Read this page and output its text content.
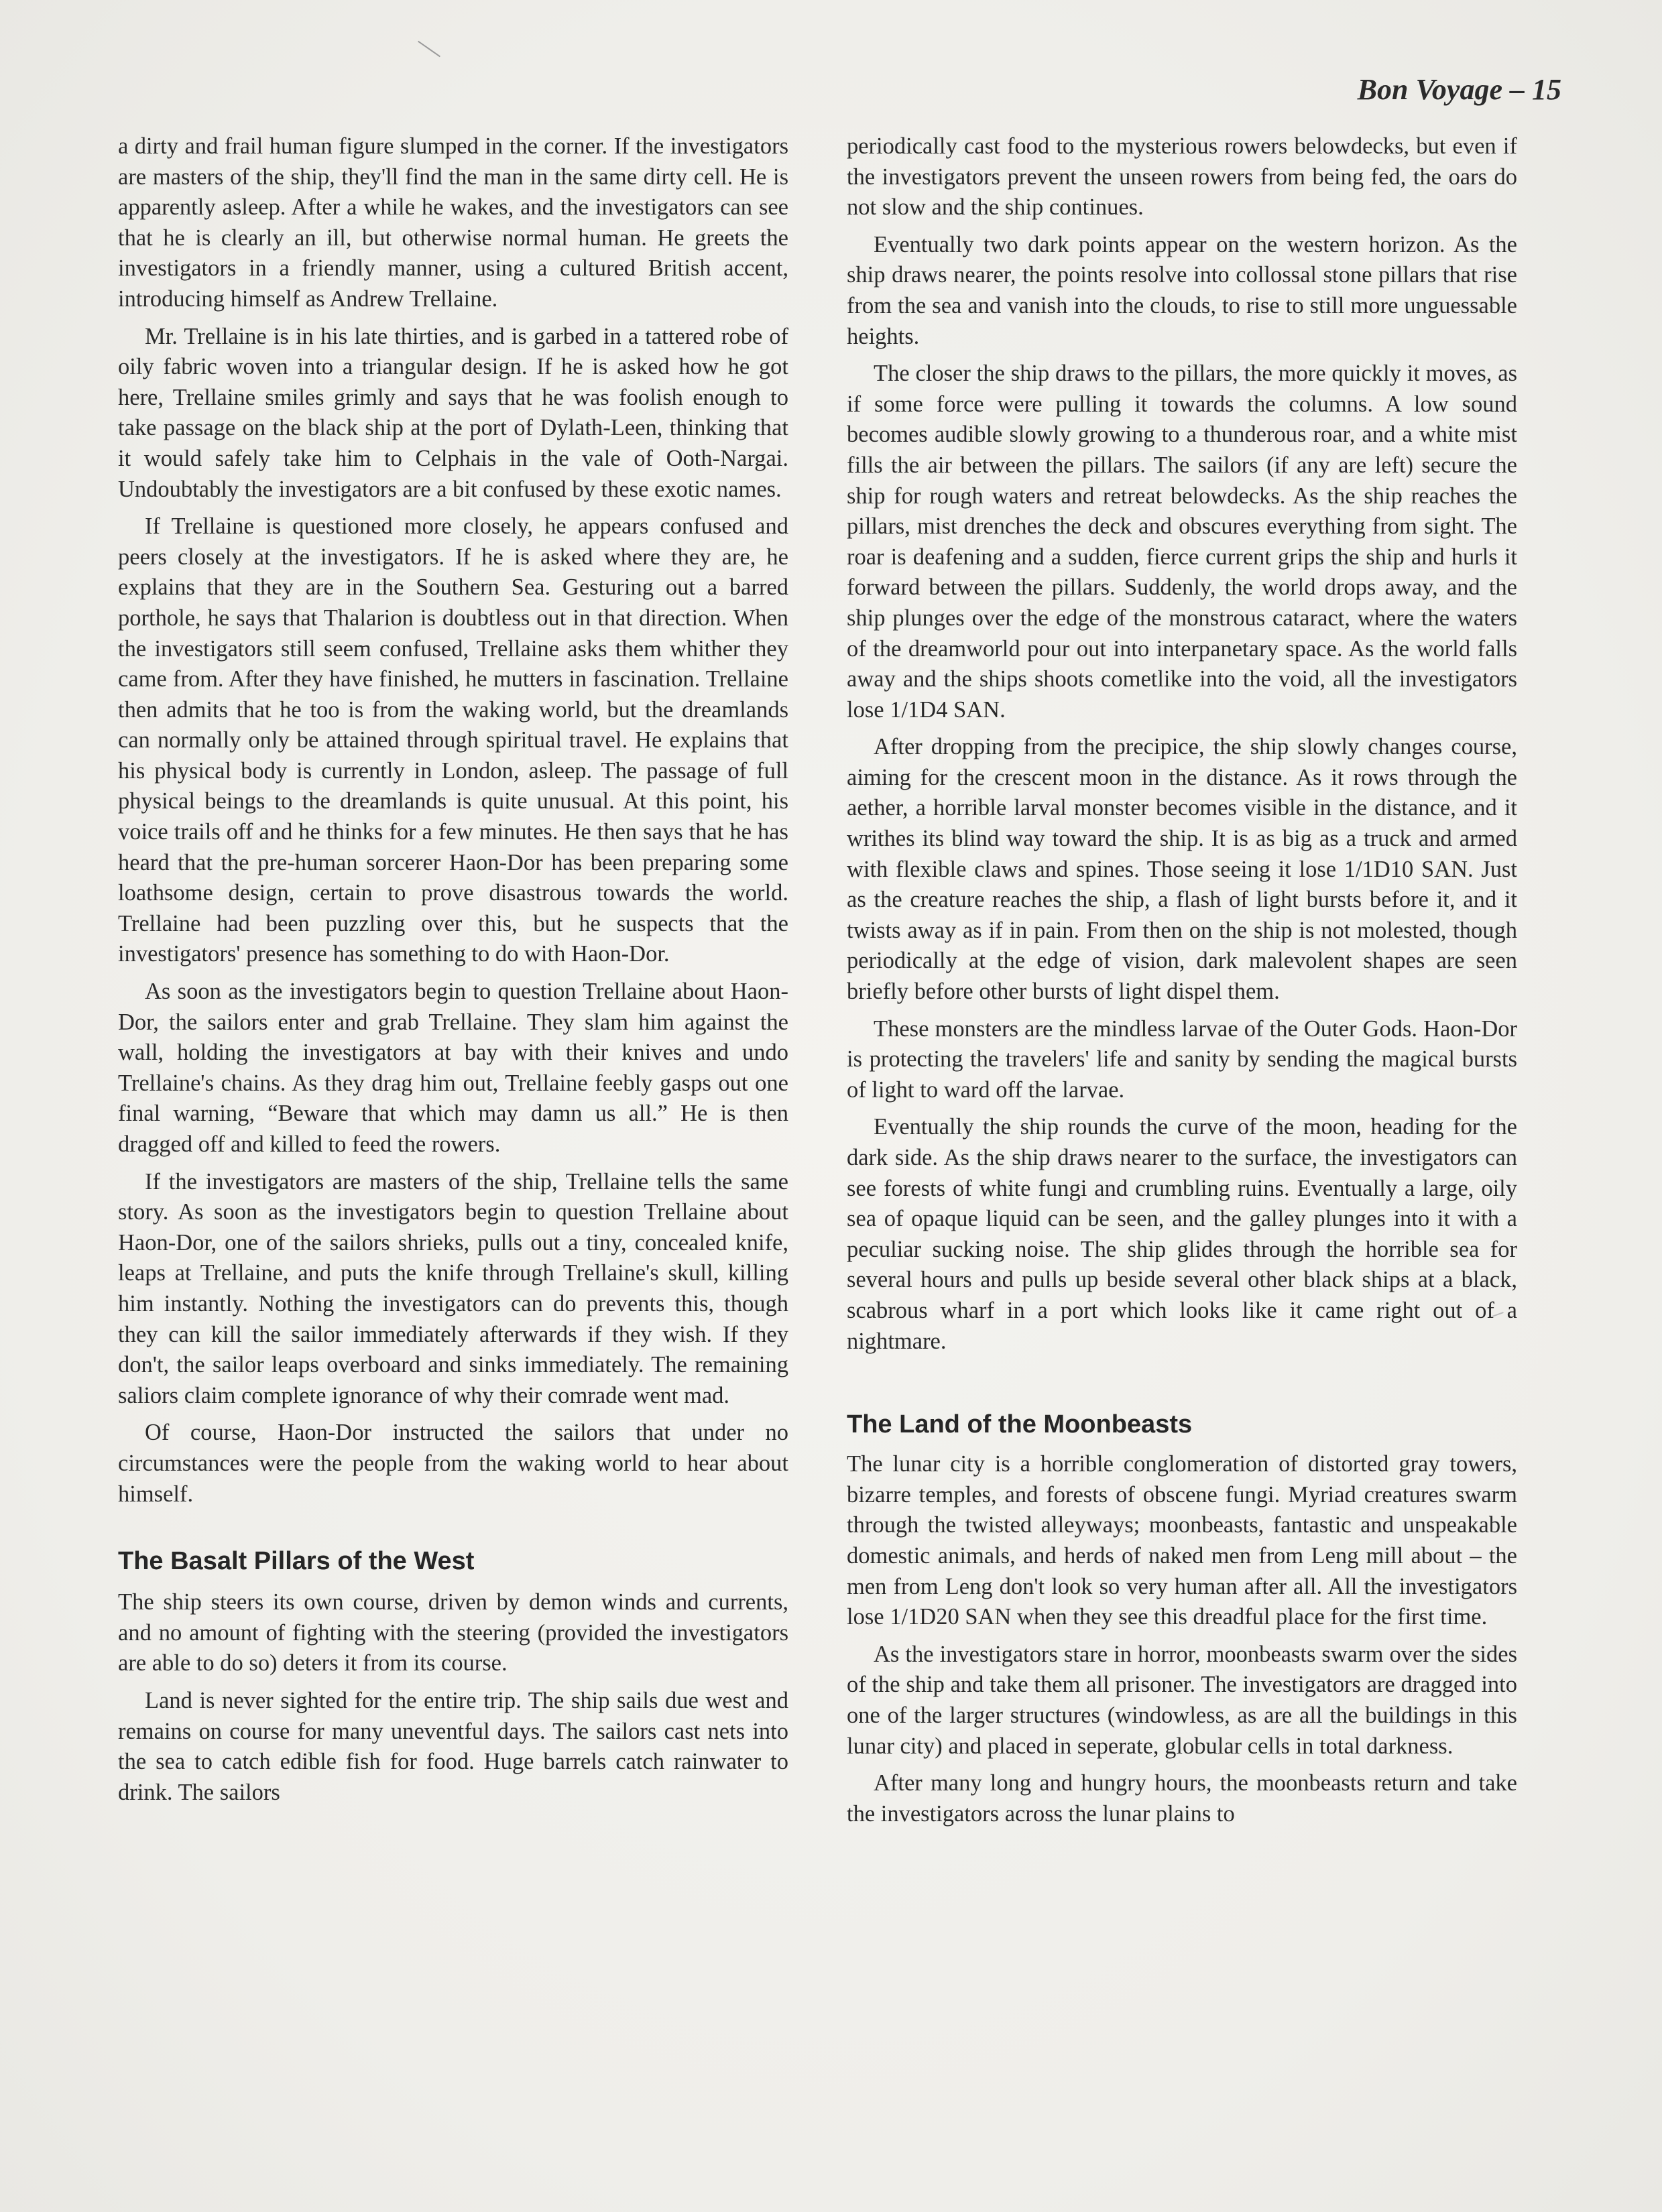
Bon Voyage – 15

a dirty and frail human figure slumped in the corner. If the investigators are masters of the ship, they'll find the man in the same dirty cell. He is apparently asleep. After a while he wakes, and the investigators can see that he is clearly an ill, but otherwise normal human. He greets the investigators in a friendly manner, using a cultured British accent, introducing himself as Andrew Trellaine.

Mr. Trellaine is in his late thirties, and is garbed in a tattered robe of oily fabric woven into a triangular design. If he is asked how he got here, Trellaine smiles grimly and says that he was foolish enough to take passage on the black ship at the port of Dylath-Leen, thinking that it would safely take him to Celphais in the vale of Ooth-Nargai. Undoubtably the investigators are a bit confused by these exotic names.

If Trellaine is questioned more closely, he appears confused and peers closely at the investigators. If he is asked where they are, he explains that they are in the Southern Sea. Gesturing out a barred porthole, he says that Thalarion is doubtless out in that direction. When the investigators still seem confused, Trellaine asks them whither they came from. After they have finished, he mutters in fascination. Trellaine then admits that he too is from the waking world, but the dreamlands can normally only be attained through spiritual travel. He explains that his physical body is currently in London, asleep. The passage of full physical beings to the dreamlands is quite unusual. At this point, his voice trails off and he thinks for a few minutes. He then says that he has heard that the pre-human sorcerer Haon-Dor has been preparing some loathsome design, certain to prove disastrous towards the world. Trellaine had been puzzling over this, but he suspects that the investigators' presence has something to do with Haon-Dor.

As soon as the investigators begin to question Trellaine about Haon-Dor, the sailors enter and grab Trellaine. They slam him against the wall, holding the investigators at bay with their knives and undo Trellaine's chains. As they drag him out, Trellaine feebly gasps out one final warning, “Beware that which may damn us all.” He is then dragged off and killed to feed the rowers.

If the investigators are masters of the ship, Trellaine tells the same story. As soon as the investigators begin to question Trellaine about Haon-Dor, one of the sailors shrieks, pulls out a tiny, concealed knife, leaps at Trellaine, and puts the knife through Trellaine's skull, killing him instantly. Nothing the investigators can do prevents this, though they can kill the sailor immediately afterwards if they wish. If they don't, the sailor leaps overboard and sinks immediately. The remaining saliors claim complete ignorance of why their comrade went mad.

Of course, Haon-Dor instructed the sailors that under no circumstances were the people from the waking world to hear about himself.

The Basalt Pillars of the West

The ship steers its own course, driven by demon winds and currents, and no amount of fighting with the steering (provided the investigators are able to do so) deters it from its course.

Land is never sighted for the entire trip. The ship sails due west and remains on course for many uneventful days. The sailors cast nets into the sea to catch edible fish for food. Huge barrels catch rainwater to drink. The sailors

periodically cast food to the mysterious rowers belowdecks, but even if the investigators prevent the unseen rowers from being fed, the oars do not slow and the ship continues.

Eventually two dark points appear on the western horizon. As the ship draws nearer, the points resolve into collossal stone pillars that rise from the sea and vanish into the clouds, to rise to still more unguessable heights.

The closer the ship draws to the pillars, the more quickly it moves, as if some force were pulling it towards the columns. A low sound becomes audible slowly growing to a thunderous roar, and a white mist fills the air between the pillars. The sailors (if any are left) secure the ship for rough waters and retreat belowdecks. As the ship reaches the pillars, mist drenches the deck and obscures everything from sight. The roar is deafening and a sudden, fierce current grips the ship and hurls it forward between the pillars. Suddenly, the world drops away, and the ship plunges over the edge of the monstrous cataract, where the waters of the dreamworld pour out into interpanetary space. As the world falls away and the ships shoots cometlike into the void, all the investigators lose 1/1D4 SAN.

After dropping from the precipice, the ship slowly changes course, aiming for the crescent moon in the distance. As it rows through the aether, a horrible larval monster becomes visible in the distance, and it writhes its blind way toward the ship. It is as big as a truck and armed with flexible claws and spines. Those seeing it lose 1/1D10 SAN. Just as the creature reaches the ship, a flash of light bursts before it, and it twists away as if in pain. From then on the ship is not molested, though periodically at the edge of vision, dark malevolent shapes are seen briefly before other bursts of light dispel them.

These monsters are the mindless larvae of the Outer Gods. Haon-Dor is protecting the travelers' life and sanity by sending the magical bursts of light to ward off the larvae.

Eventually the ship rounds the curve of the moon, heading for the dark side. As the ship draws nearer to the surface, the investigators can see forests of white fungi and crumbling ruins. Eventually a large, oily sea of opaque liquid can be seen, and the galley plunges into it with a peculiar sucking noise. The ship glides through the horrible sea for several hours and pulls up beside several other black ships at a black, scabrous wharf in a port which looks like it came right out of a nightmare.

The Land of the Moonbeasts

The lunar city is a horrible conglomeration of distorted gray towers, bizarre temples, and forests of obscene fungi. Myriad creatures swarm through the twisted alleyways; moonbeasts, fantastic and unspeakable domestic animals, and herds of naked men from Leng mill about – the men from Leng don't look so very human after all. All the investigators lose 1/1D20 SAN when they see this dreadful place for the first time.

As the investigators stare in horror, moonbeasts swarm over the sides of the ship and take them all prisoner. The investigators are dragged into one of the larger structures (windowless, as are all the buildings in this lunar city) and placed in seperate, globular cells in total darkness.

After many long and hungry hours, the moonbeasts return and take the investigators across the lunar plains to
